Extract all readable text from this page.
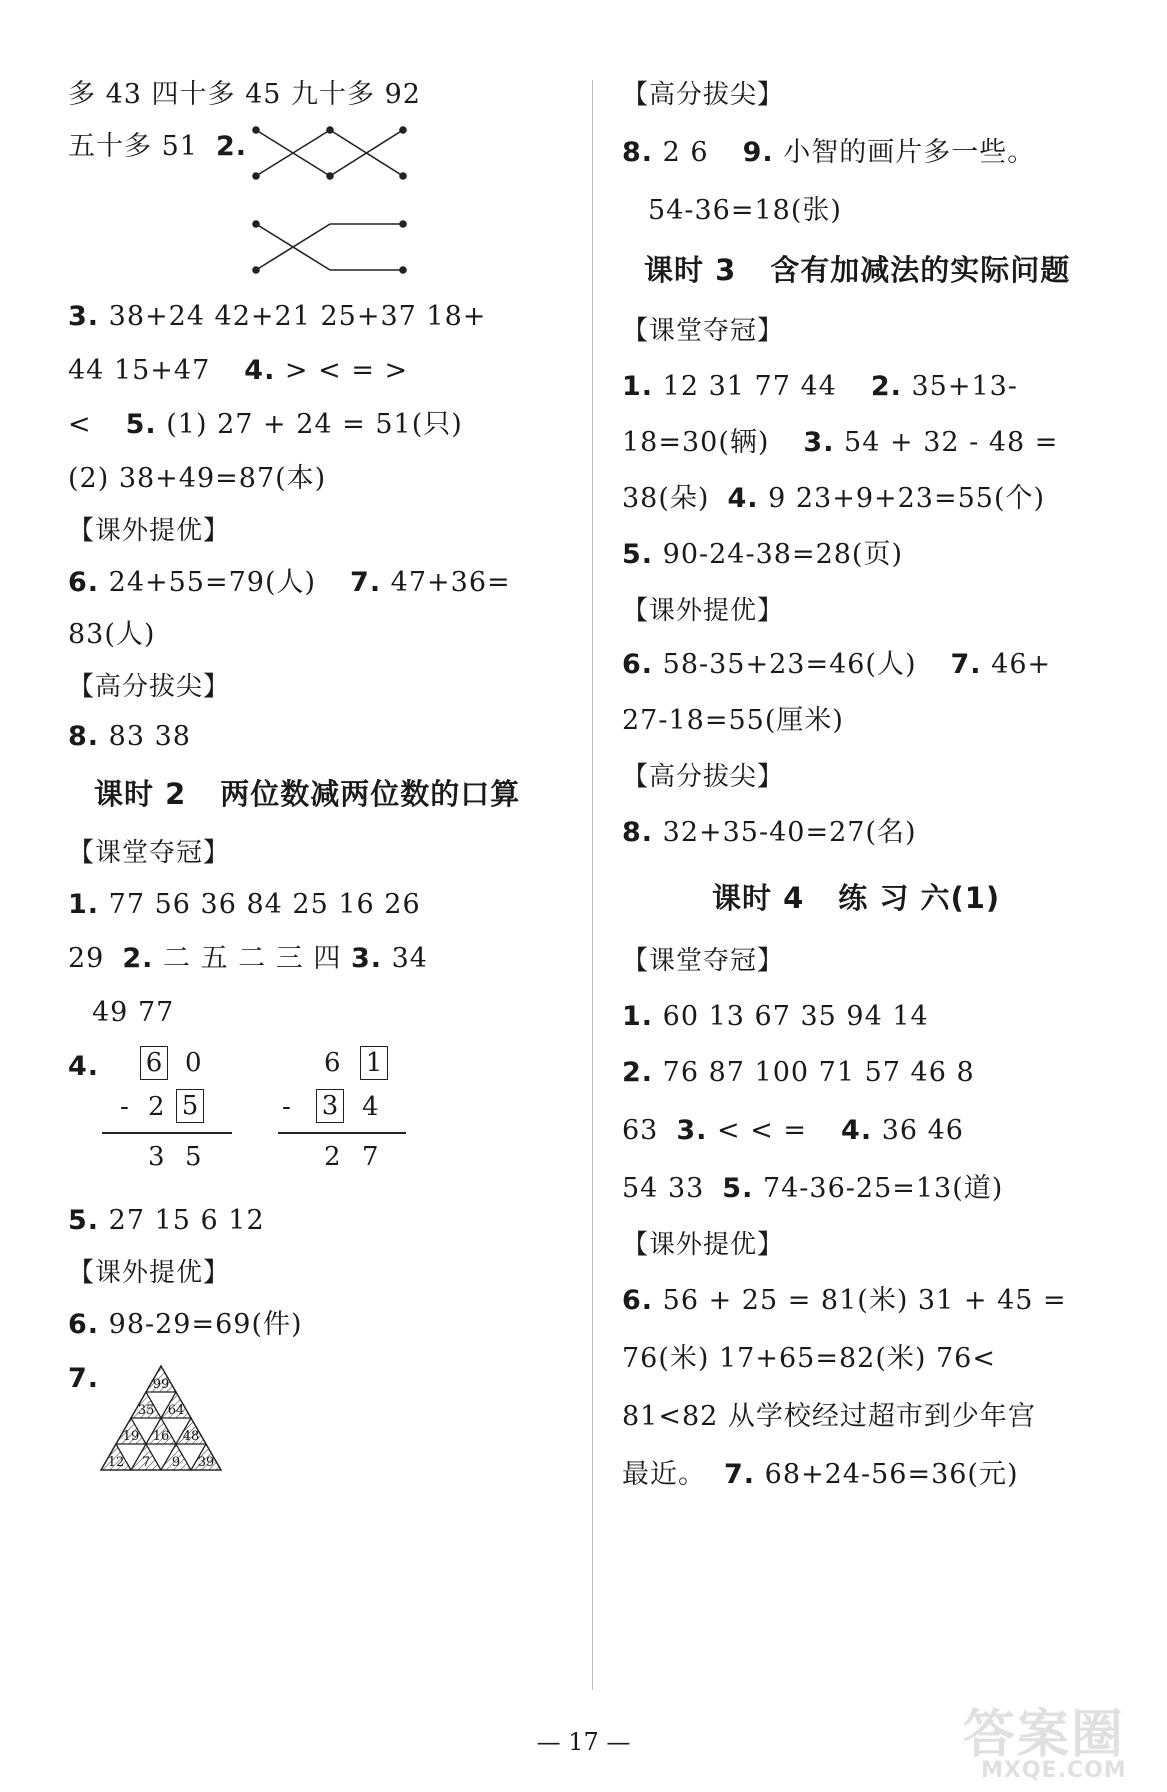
多 43 四十多 45 九十多 92
五十多 51 2.
3. 38+24 42+21 25+37 18+
44 15+47 4. > < = >
< 5. (1) 27 + 24 = 51(只)
(2) 38+49=87(本)
【课外提优】
6. 24+55=79(人) 7. 47+36=
83(人)
【高分拔尖】
8. 83 38
课时 2 两位数减两位数的口算
【课堂夺冠】
1. 77 56 36 84 25 16 26
29 2. 二 五 二 三 四 3. 34
49 77
4. 6 0
- 2 5
3 5
6 1
- 3 4
2 7
5. 27 15 6 12
【课外提优】
6. 98-29=69(件)
7.	99
35 64
19 16 48
12 7 9 39
【高分拔尖】
8. 2 6 9. 小智的画片多一些。
54-36=18(张)
课时 3 含有加减法的实际问题
【课堂夺冠】
1. 12 31 77 44 2. 35+13-
18=30(辆) 3. 54 + 32 - 48 =
38(朵) 4. 9 23+9+23=55(个)
5. 90-24-38=28(页)
【课外提优】
6. 58-35+23=46(人) 7. 46+
27-18=55(厘米)
【高分拔尖】
8. 32+35-40=27(名)
课时 4 练 习 六(1)
【课堂夺冠】
1. 60 13 67 35 94 14
2. 76 87 100 71 57 46 8
63 3. < < = 4. 36 46
54 33 5. 74-36-25=13(道)
【课外提优】
6. 56 + 25 = 81(米) 31 + 45 =
76(米) 17+65=82(米) 76<
81<82 从学校经过超市到少年宫
最近。 7. 68+24-56=36(元)
— 17 —	答案圈
MXQE.COM
